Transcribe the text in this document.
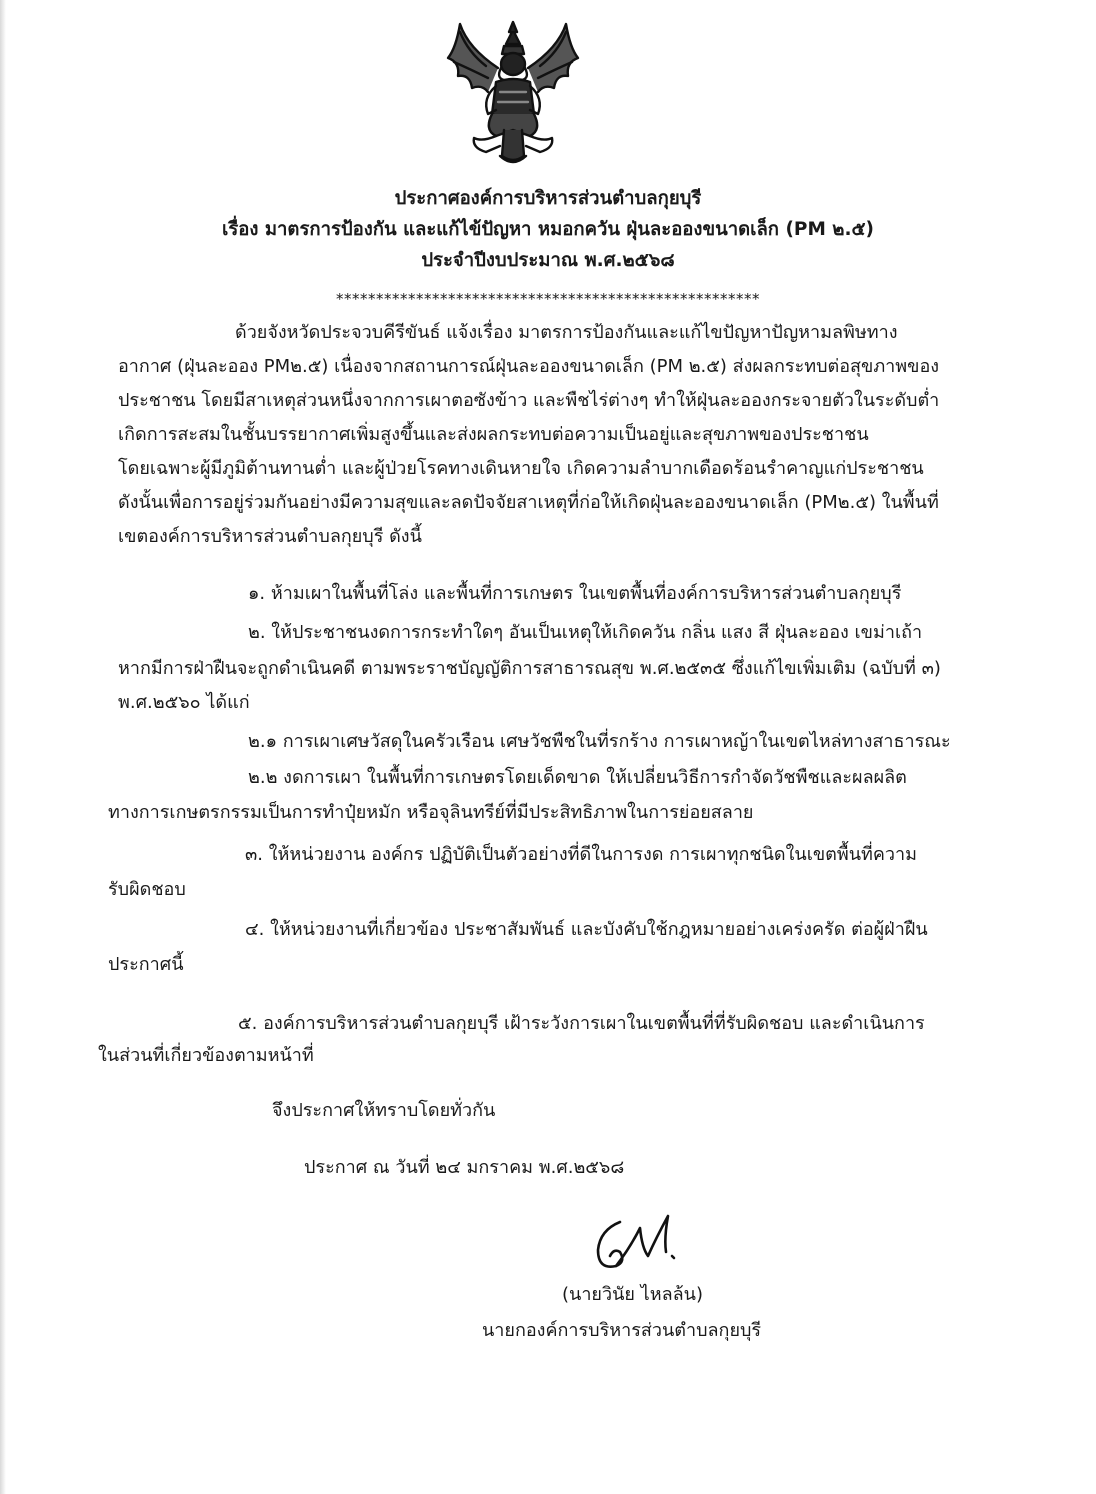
ประกาศองค์การบริหารส่วนตำบลกุยบุรี
เรื่อง มาตรการป้องกัน และแก้ไข้ปัญหา หมอกควัน ฝุ่นละอองขนาดเล็ก (PM ๒.๕)
ประจำปีงบประมาณ พ.ศ.๒๕๖๘
*****************************************************
ด้วยจังหวัดประจวบคีรีขันธ์ แจ้งเรื่อง มาตรการป้องกันและแก้ไขปัญหาปัญหามลพิษทาง
อากาศ (ฝุ่นละออง PM๒.๕) เนื่องจากสถานการณ์ฝุ่นละอองขนาดเล็ก (PM ๒.๕) ส่งผลกระทบต่อสุขภาพของ
ประชาชน โดยมีสาเหตุส่วนหนึ่งจากการเผาตอซังข้าว และพืชไร่ต่างๆ ทำให้ฝุ่นละอองกระจายตัวในระดับต่ำ
เกิดการสะสมในชั้นบรรยากาศเพิ่มสูงขึ้นและส่งผลกระทบต่อความเป็นอยู่และสุขภาพของประชาชน
โดยเฉพาะผู้มีภูมิต้านทานต่ำ และผู้ป่วยโรคทางเดินหายใจ เกิดความลำบากเดือดร้อนรำคาญแก่ประชาชน
ดังนั้นเพื่อการอยู่ร่วมกันอย่างมีความสุขและลดปัจจัยสาเหตุที่ก่อให้เกิดฝุ่นละอองขนาดเล็ก (PM๒.๕) ในพื้นที่
เขตองค์การบริหารส่วนตำบลกุยบุรี ดังนี้
๑. ห้ามเผาในพื้นที่โล่ง และพื้นที่การเกษตร ในเขตพื้นที่องค์การบริหารส่วนตำบลกุยบุรี
๒. ให้ประชาชนงดการกระทำใดๆ อันเป็นเหตุให้เกิดควัน กลิ่น แสง สี ฝุ่นละออง เขม่าเถ้า
หากมีการฝ่าฝืนจะถูกดำเนินคดี ตามพระราชบัญญัติการสาธารณสุข พ.ศ.๒๕๓๕ ซึ่งแก้ไขเพิ่มเติม (ฉบับที่ ๓)
พ.ศ.๒๕๖๐ ได้แก่
๒.๑ การเผาเศษวัสดุในครัวเรือน เศษวัชพืชในที่รกร้าง การเผาหญ้าในเขตไหล่ทางสาธารณะ
๒.๒ งดการเผา ในพื้นที่การเกษตรโดยเด็ดขาด ให้เปลี่ยนวิธีการกำจัดวัชพืชและผลผลิต
ทางการเกษตรกรรมเป็นการทำปุ๋ยหมัก หรือจุลินทรีย์ที่มีประสิทธิภาพในการย่อยสลาย
๓. ให้หน่วยงาน องค์กร ปฏิบัติเป็นตัวอย่างที่ดีในการงด การเผาทุกชนิดในเขตพื้นที่ความ
รับผิดชอบ
๔. ให้หน่วยงานที่เกี่ยวข้อง ประชาสัมพันธ์ และบังคับใช้กฎหมายอย่างเคร่งครัด ต่อผู้ฝ่าฝืน
ประกาศนี้
๕. องค์การบริหารส่วนตำบลกุยบุรี เฝ้าระวังการเผาในเขตพื้นที่ที่รับผิดชอบ และดำเนินการ
ในส่วนที่เกี่ยวข้องตามหน้าที่
จึงประกาศให้ทราบโดยทั่วกัน
ประกาศ ณ วันที่ ๒๔ มกราคม พ.ศ.๒๕๖๘
(นายวินัย ไหลล้น)
นายกองค์การบริหารส่วนตำบลกุยบุรี
